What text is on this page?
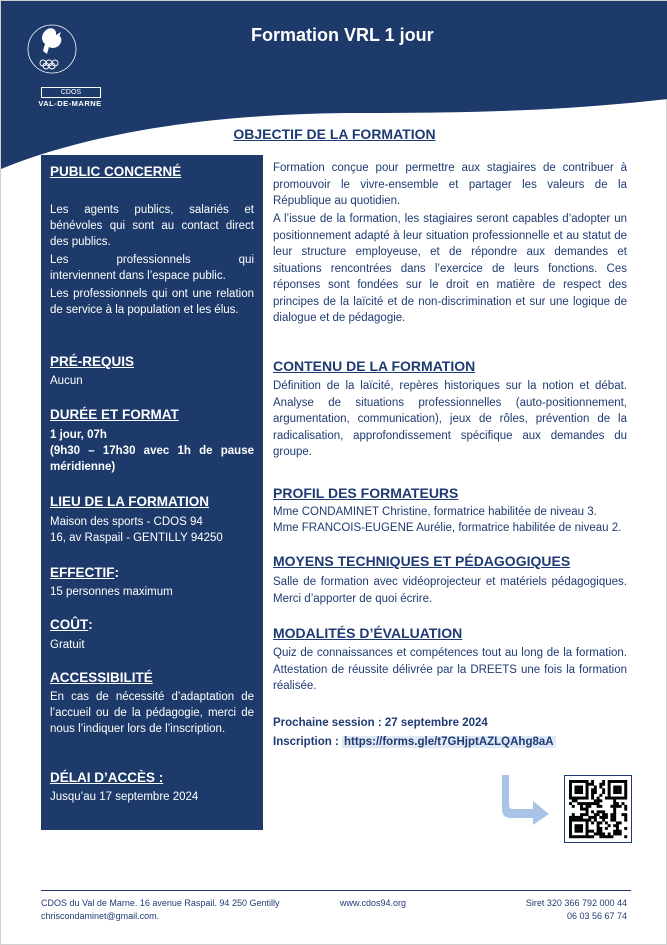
CDOS
VAL-DE-MARNE
Formation VRL 1 jour
OBJECTIF DE LA FORMATION
PUBLIC CONCERNÉ
Les agents publics, salariés et bénévoles qui sont au contact direct des publics.
Les professionnels qui
interviennent dans l’espace public.
Les professionnels qui ont une relation de service à la population et les élus.
PRÉ-REQUIS
Aucun
DURÉE ET FORMAT
1 jour, 07h
(9h30 – 17h30 avec 1h de pause méridienne)
LIEU DE LA FORMATION
Maison des sports - CDOS 94
16, av Raspail - GENTILLY 94250
EFFECTIF:
15 personnes maximum
COÛT:
Gratuit
ACCESSIBILITÉ
En cas de nécessité d’adaptation de l’accueil ou de la pédagogie, merci de nous l’indiquer lors de l’inscription.
DÉLAI D’ACCÈS :
Jusqu’au 17 septembre 2024
Formation conçue pour permettre aux stagiaires de contribuer à promouvoir le vivre-ensemble et partager les valeurs de la République au quotidien.
A l’issue de la formation, les stagiaires seront capables d’adopter un positionnement adapté à leur situation professionnelle et au statut de leur structure employeuse, et de répondre aux demandes et situations rencontrées dans l’exercice de leurs fonctions. Ces réponses sont fondées sur le droit en matière de respect des principes de la laïcité et de non-discrimination et sur une logique de dialogue et de pédagogie.
CONTENU DE LA FORMATION
Définition de la laïcité, repères historiques sur la notion et débat. Analyse de situations professionnelles (auto-positionnement, argumentation, communication), jeux de rôles, prévention de la radicalisation, approfondissement spécifique aux demandes du groupe.
PROFIL DES FORMATEURS
Mme CONDAMINET Christine, formatrice habilitée de niveau 3.
Mme FRANCOIS-EUGENE Aurélie, formatrice habilitée de niveau 2.
MOYENS TECHNIQUES ET PÉDAGOGIQUES
Salle de formation avec vidéoprojecteur et matériels pédagogiques. Merci d’apporter de quoi écrire.
MODALITÉS D’ÉVALUATION
Quiz de connaissances et compétences tout au long de la formation. Attestation de réussite délivrée par la DREETS une fois la formation réalisée.
Prochaine session : 27 septembre 2024
Inscription : https://forms.gle/t7GHjptAZLQAhg8aA
CDOS du Val de Marne. 16 avenue Raspail. 94 250 Gentilly
chriscondaminet@gmail.com.
www.cdos94.org	Siret 320 366 792 000 44
06 03 56 67 74
